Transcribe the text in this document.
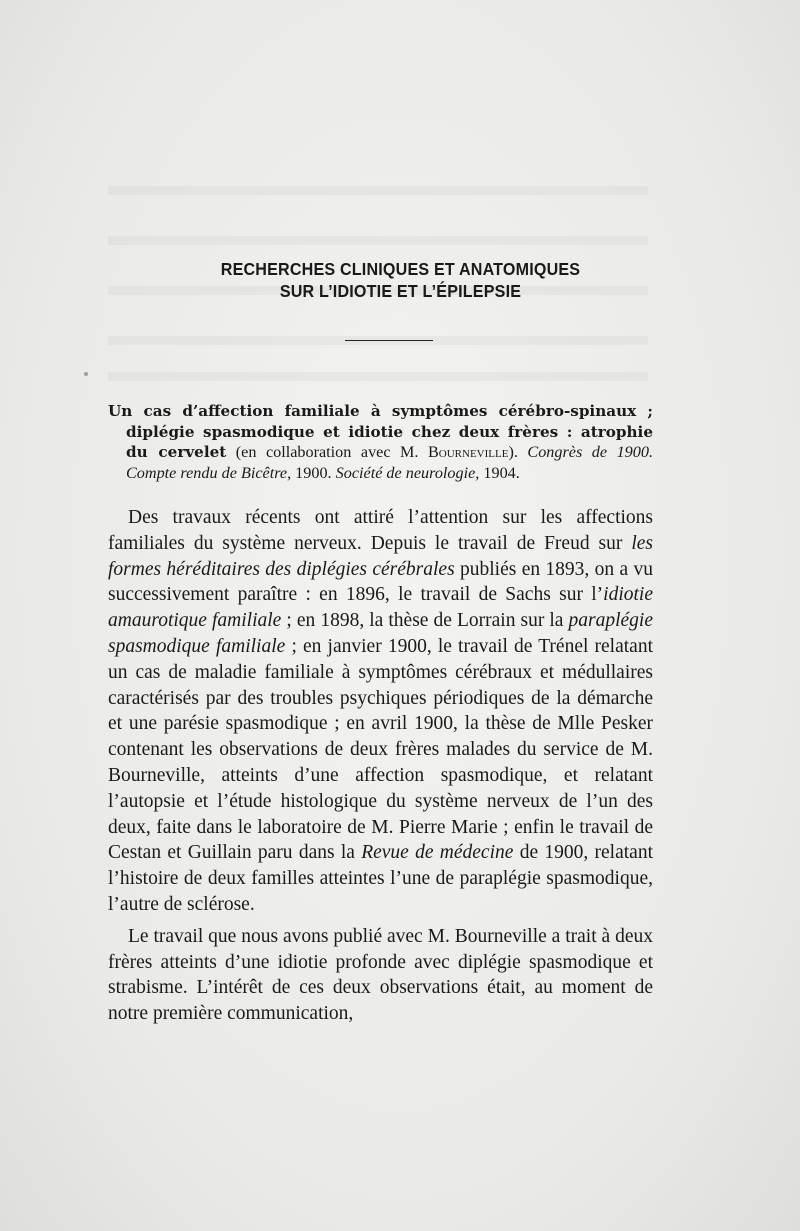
RECHERCHES CLINIQUES ET ANATOMIQUES
SUR L’IDIOTIE ET L’ÉPILEPSIE
Un cas d’affection familiale à symptômes cérébro-spinaux ; diplégie spasmodique et idiotie chez deux frères : atrophie du cervelet (en collaboration avec M. Bourneville). Congrès de 1900. Compte rendu de Bicêtre, 1900. Société de neurologie, 1904.

Des travaux récents ont attiré l’attention sur les affections familiales du système nerveux. Depuis le travail de Freud sur les formes héréditaires des diplégies cérébrales publiés en 1893, on a vu successivement paraître : en 1896, le travail de Sachs sur l’idiotie amaurotique familiale ; en 1898, la thèse de Lorrain sur la paraplégie spasmodique familiale ; en janvier 1900, le travail de Trénel relatant un cas de maladie familiale à symptômes cérébraux et médullaires caractérisés par des troubles psychiques périodiques de la démarche et une parésie spasmodique ; en avril 1900, la thèse de Mlle Pesker contenant les observations de deux frères malades du service de M. Bourneville, atteints d’une affection spasmodique, et relatant l’autopsie et l’étude histologique du système nerveux de l’un des deux, faite dans le laboratoire de M. Pierre Marie ; enfin le travail de Cestan et Guillain paru dans la Revue de médecine de 1900, relatant l’histoire de deux familles atteintes l’une de paraplégie spasmodique, l’autre de sclérose.

Le travail que nous avons publié avec M. Bourneville a trait à deux frères atteints d’une idiotie profonde avec diplégie spasmodique et strabisme. L’intérêt de ces deux observations était, au moment de notre première communication,
